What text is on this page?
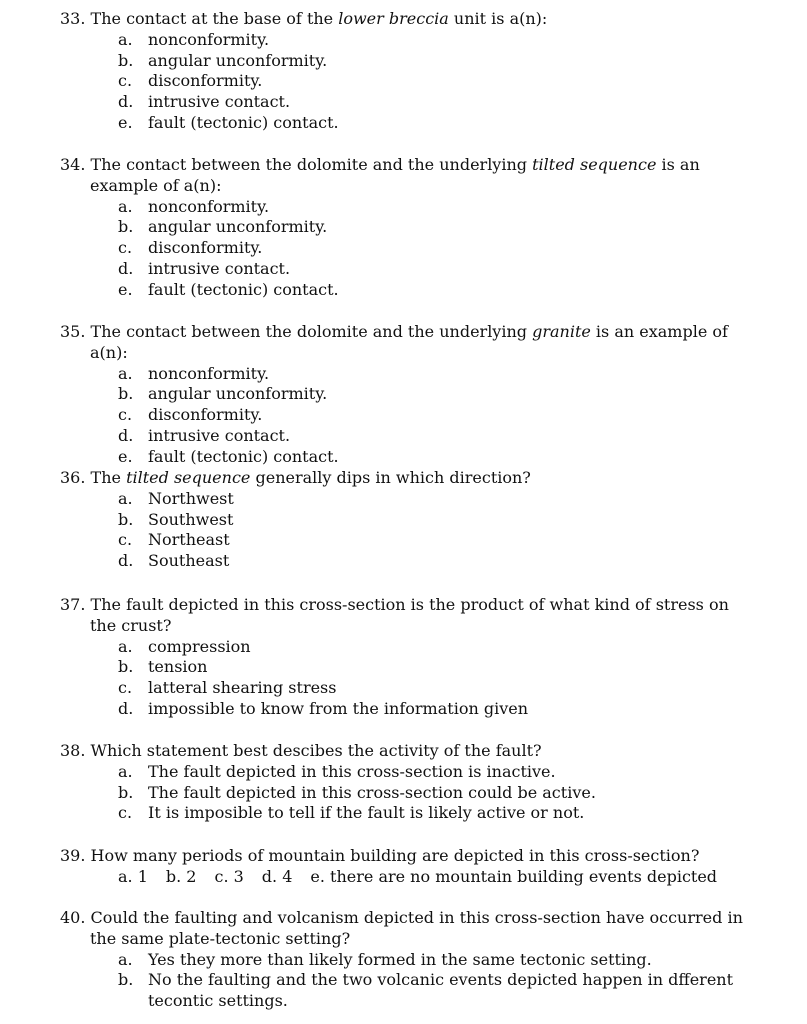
33. The contact at the base of the lower breccia unit is a(n):

a. nonconformity.
b. angular unconformity.
c. disconformity.
d. intrusive contact.
e. fault (tectonic) contact.

34. The contact between the dolomite and the underlying tilted sequence is an example of a(n):

a. nonconformity.
b. angular unconformity.
c. disconformity.
d. intrusive contact.
e. fault (tectonic) contact.

35. The contact between the dolomite and the underlying granite is an example of a(n):

a. nonconformity.
b. angular unconformity.
c. disconformity.
d. intrusive contact.
e. fault (tectonic) contact.

36. The tilted sequence generally dips in which direction?

a. Northwest
b. Southwest
c. Northeast
d. Southeast

37. The fault depicted in this cross-section is the product of what kind of stress on the crust?

a. compression
b. tension
c. latteral shearing stress
d. impossible to know from the information given

38. Which statement best descibes the activity of the fault?

a. The fault depicted in this cross-section is inactive.
b. The fault depicted in this cross-section could be active.
c. It is imposible to tell if the fault is likely active or not.

39. How many periods of mountain building are depicted in this cross-section?

a. 1 b. 2 c. 3 d. 4 e. there are no mountain building events depicted

40. Could the faulting and volcanism depicted in this cross-section have occurred in the same plate-tectonic setting?

a. Yes they more than likely formed in the same tectonic setting.
b. No the faulting and the two volcanic events depicted happen in dfferent tecontic settings.
